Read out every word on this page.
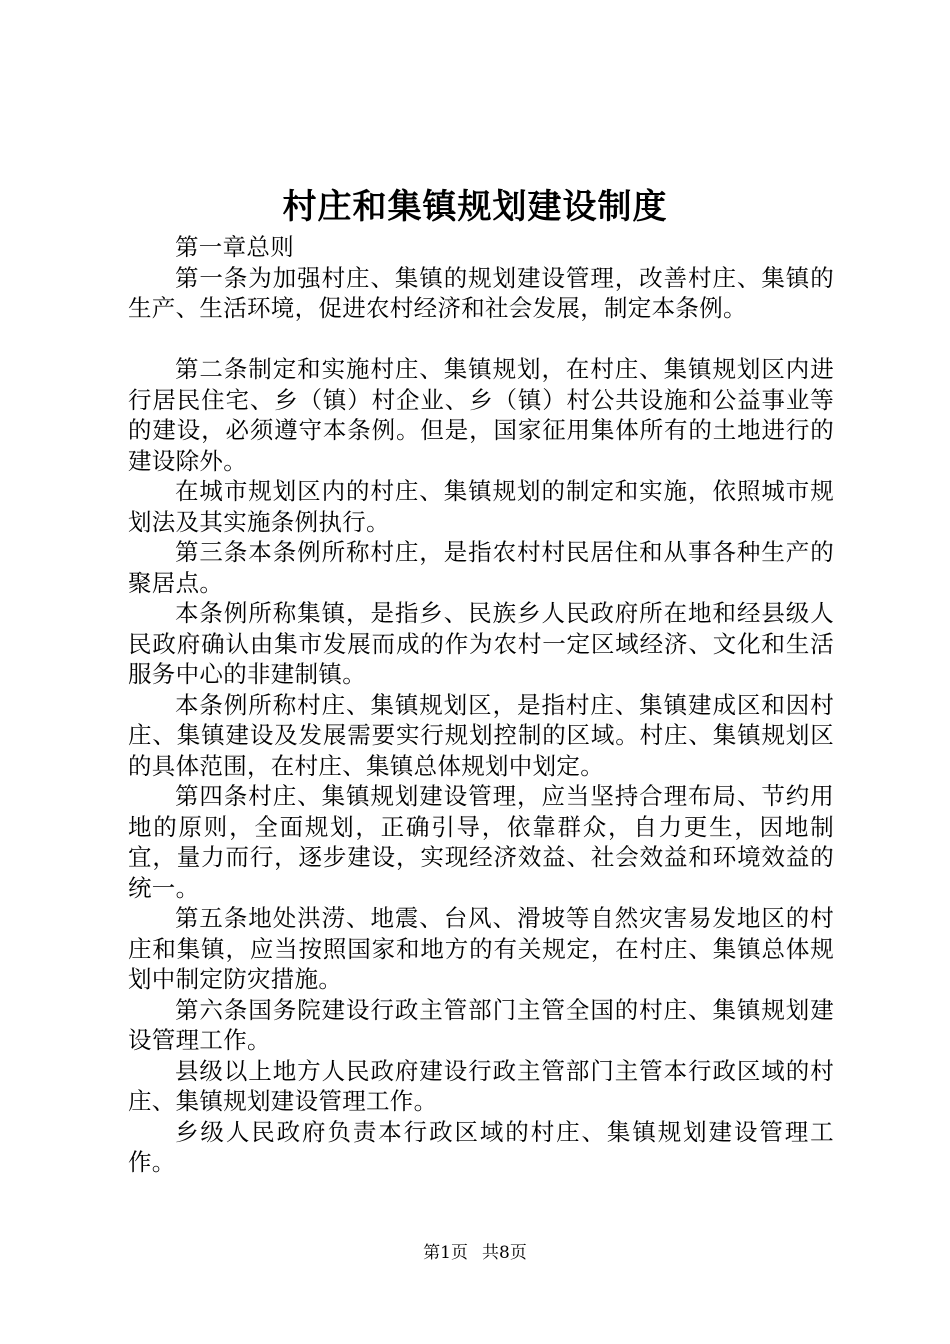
村庄和集镇规划建设制度

第一章总则

第一条为加强村庄、集镇的规划建设管理，改善村庄、集镇的生产、生活环境，促进农村经济和社会发展，制定本条例。

第二条制定和实施村庄、集镇规划，在村庄、集镇规划区内进行居民住宅、乡（镇）村企业、乡（镇）村公共设施和公益事业等的建设，必须遵守本条例。但是，国家征用集体所有的土地进行的建设除外。

在城市规划区内的村庄、集镇规划的制定和实施，依照城市规划法及其实施条例执行。

第三条本条例所称村庄，是指农村村民居住和从事各种生产的聚居点。

本条例所称集镇，是指乡、民族乡人民政府所在地和经县级人民政府确认由集市发展而成的作为农村一定区域经济、文化和生活服务中心的非建制镇。

本条例所称村庄、集镇规划区，是指村庄、集镇建成区和因村庄、集镇建设及发展需要实行规划控制的区域。村庄、集镇规划区的具体范围，在村庄、集镇总体规划中划定。

第四条村庄、集镇规划建设管理，应当坚持合理布局、节约用地的原则，全面规划，正确引导，依靠群众，自力更生，因地制宜，量力而行，逐步建设，实现经济效益、社会效益和环境效益的统一。

第五条地处洪涝、地震、台风、滑坡等自然灾害易发地区的村庄和集镇，应当按照国家和地方的有关规定，在村庄、集镇总体规划中制定防灾措施。

第六条国务院建设行政主管部门主管全国的村庄、集镇规划建设管理工作。

县级以上地方人民政府建设行政主管部门主管本行政区域的村庄、集镇规划建设管理工作。

乡级人民政府负责本行政区域的村庄、集镇规划建设管理工作。

第1页 共8页
